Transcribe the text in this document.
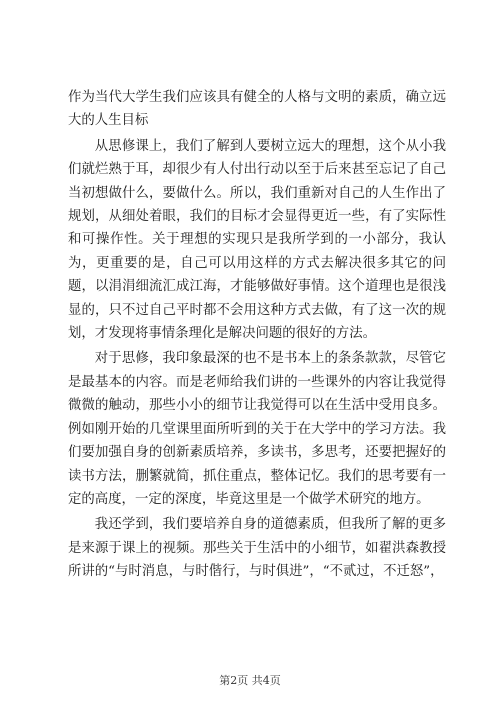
作为当代大学生我们应该具有健全的人格与文明的素质，确立远大的人生目标

从思修课上，我们了解到人要树立远大的理想，这个从小我们就烂熟于耳，却很少有人付出行动以至于后来甚至忘记了自己当初想做什么，要做什么。所以，我们重新对自己的人生作出了规划，从细处着眼，我们的目标才会显得更近一些，有了实际性和可操作性。关于理想的实现只是我所学到的一小部分，我认为，更重要的是，自己可以用这样的方式去解决很多其它的问题，以涓涓细流汇成江海，才能够做好事情。这个道理也是很浅显的，只不过自己平时都不会用这种方式去做，有了这一次的规划，才发现将事情条理化是解决问题的很好的方法。

对于思修，我印象最深的也不是书本上的条条款款，尽管它是最基本的内容。而是老师给我们讲的一些课外的内容让我觉得微微的触动，那些小小的细节让我觉得可以在生活中受用良多。例如刚开始的几堂课里面所听到的关于在大学中的学习方法。我们要加强自身的创新素质培养，多读书，多思考，还要把握好的读书方法，删繁就简，抓住重点，整体记忆。我们的思考要有一定的高度，一定的深度，毕竟这里是一个做学术研究的地方。

我还学到，我们要培养自身的道德素质，但我所了解的更多是来源于课上的视频。那些关于生活中的小细节，如翟洪森教授所讲的“与时消息，与时偕行，与时俱进”，“不贰过，不迁怒”，

第2页 共4页
